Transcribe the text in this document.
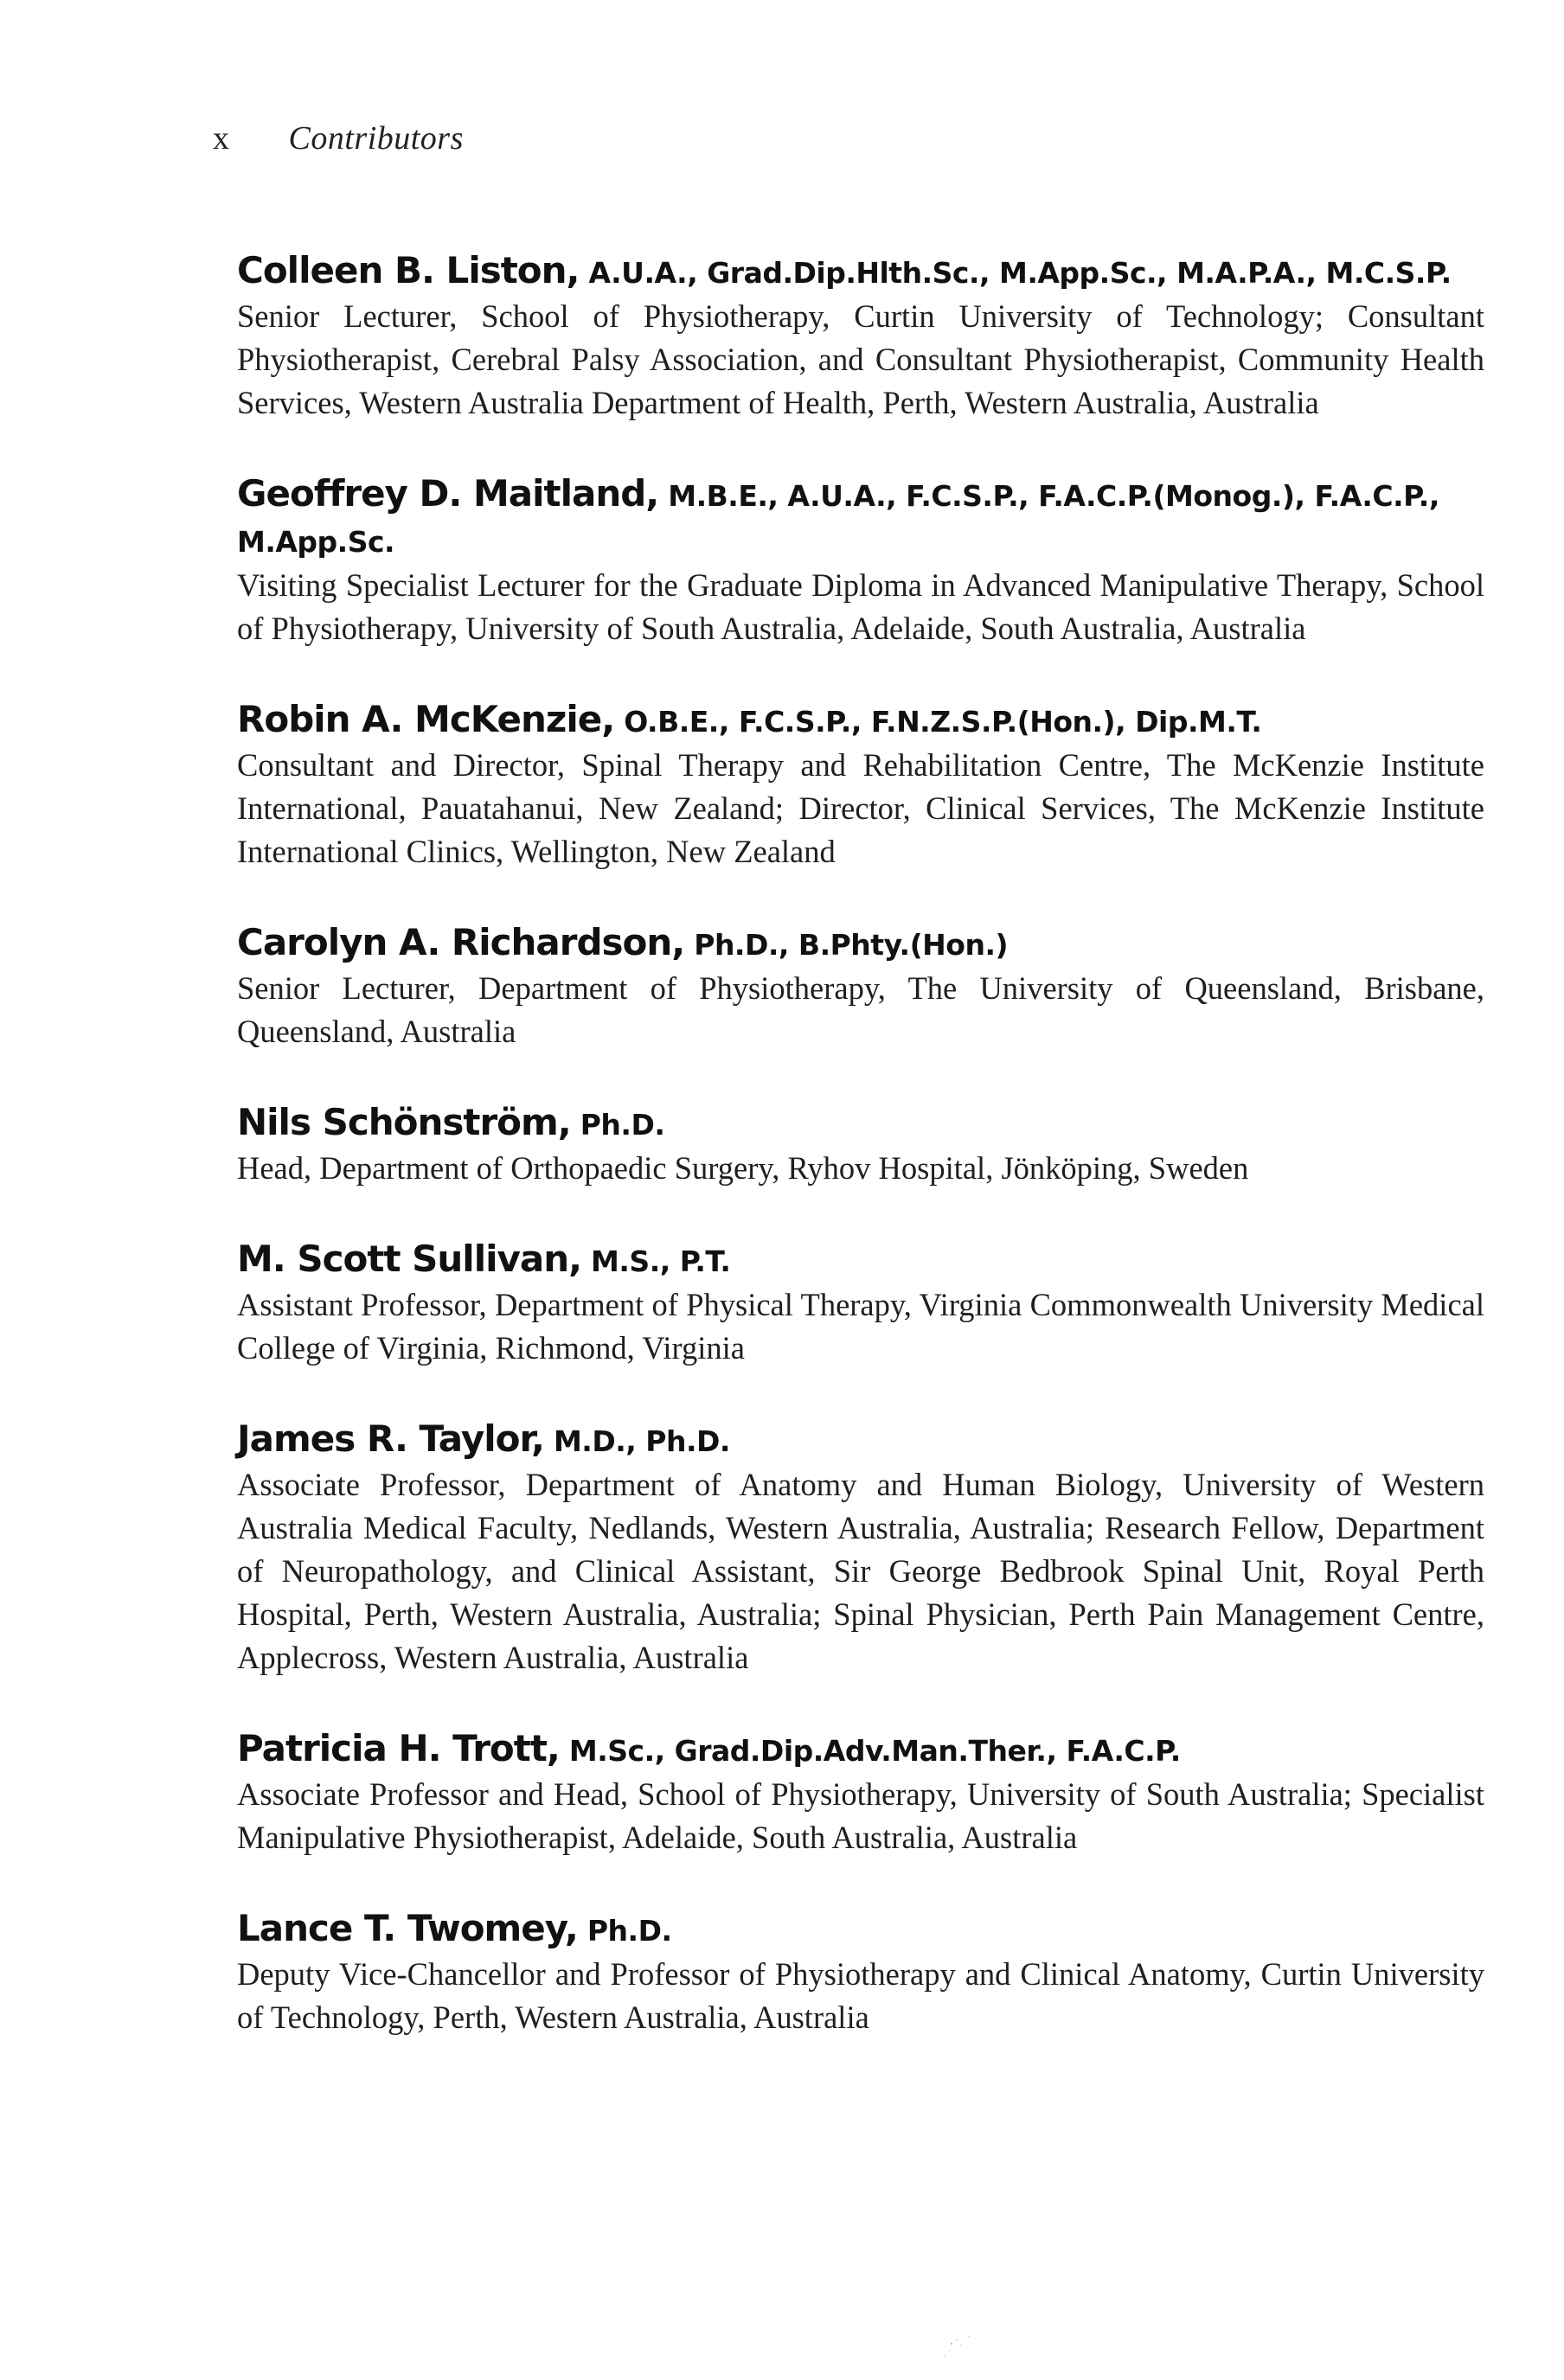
x Contributors

Colleen B. Liston, A.U.A., Grad.Dip.Hlth.Sc., M.App.Sc., M.A.P.A., M.C.S.P.

Senior Lecturer, School of Physiotherapy, Curtin University of Technology; Consultant Physiotherapist, Cerebral Palsy Association, and Consultant Physiotherapist, Community Health Services, Western Australia Department of Health, Perth, Western Australia, Australia

Geoffrey D. Maitland, M.B.E., A.U.A., F.C.S.P., F.A.C.P.(Monog.), F.A.C.P., M.App.Sc.

Visiting Specialist Lecturer for the Graduate Diploma in Advanced Manipulative Therapy, School of Physiotherapy, University of South Australia, Adelaide, South Australia, Australia

Robin A. McKenzie, O.B.E., F.C.S.P., F.N.Z.S.P.(Hon.), Dip.M.T.

Consultant and Director, Spinal Therapy and Rehabilitation Centre, The McKenzie Institute International, Pauatahanui, New Zealand; Director, Clinical Services, The McKenzie Institute International Clinics, Wellington, New Zealand

Carolyn A. Richardson, Ph.D., B.Phty.(Hon.)

Senior Lecturer, Department of Physiotherapy, The University of Queensland, Brisbane, Queensland, Australia

Nils Schönström, Ph.D.

Head, Department of Orthopaedic Surgery, Ryhov Hospital, Jönköping, Sweden

M. Scott Sullivan, M.S., P.T.

Assistant Professor, Department of Physical Therapy, Virginia Commonwealth University Medical College of Virginia, Richmond, Virginia

James R. Taylor, M.D., Ph.D.

Associate Professor, Department of Anatomy and Human Biology, University of Western Australia Medical Faculty, Nedlands, Western Australia, Australia; Research Fellow, Department of Neuropathology, and Clinical Assistant, Sir George Bedbrook Spinal Unit, Royal Perth Hospital, Perth, Western Australia, Australia; Spinal Physician, Perth Pain Management Centre, Applecross, Western Australia, Australia

Patricia H. Trott, M.Sc., Grad.Dip.Adv.Man.Ther., F.A.C.P.

Associate Professor and Head, School of Physiotherapy, University of South Australia; Specialist Manipulative Physiotherapist, Adelaide, South Australia, Australia

Lance T. Twomey, Ph.D.

Deputy Vice-Chancellor and Professor of Physiotherapy and Clinical Anatomy, Curtin University of Technology, Perth, Western Australia, Australia
